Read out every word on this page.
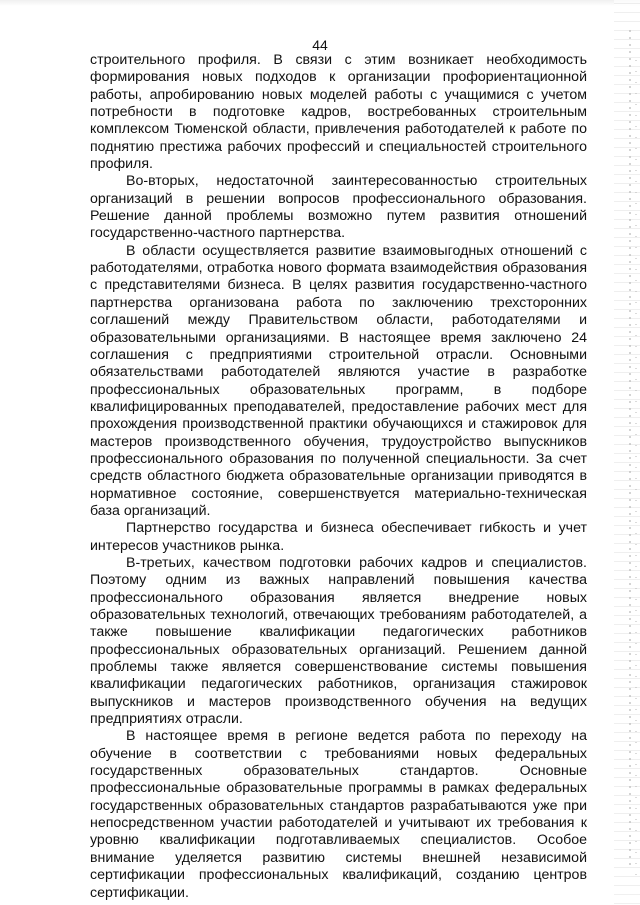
44

строительного профиля. В связи с этим возникает необходимость формирования новых подходов к организации профориентационной работы, апробированию новых моделей работы с учащимися с учетом потребности в подготовке кадров, востребованных строительным комплексом Тюменской области, привлечения работодателей к работе по поднятию престижа рабочих профессий и специальностей строительного профиля.

Во-вторых, недостаточной заинтересованностью строительных организаций в решении вопросов профессионального образования. Решение данной проблемы возможно путем развития отношений государственно-частного партнерства.

В области осуществляется развитие взаимовыгодных отношений с работодателями, отработка нового формата взаимодействия образования с представителями бизнеса. В целях развития государственно-частного партнерства организована работа по заключению трехсторонних соглашений между Правительством области, работодателями и образовательными организациями. В настоящее время заключено 24 соглашения с предприятиями строительной отрасли. Основными обязательствами работодателей являются участие в разработке профессиональных образовательных программ, в подборе квалифицированных преподавателей, предоставление рабочих мест для прохождения производственной практики обучающихся и стажировок для мастеров производственного обучения, трудоустройство выпускников профессионального образования по полученной специальности. За счет средств областного бюджета образовательные организации приводятся в нормативное состояние, совершенствуется материально-техническая база организаций.

Партнерство государства и бизнеса обеспечивает гибкость и учет интересов участников рынка.

В-третьих, качеством подготовки рабочих кадров и специалистов. Поэтому одним из важных направлений повышения качества профессионального образования является внедрение новых образовательных технологий, отвечающих требованиям работодателей, а также повышение квалификации педагогических работников профессиональных образовательных организаций. Решением данной проблемы также является совершенствование системы повышения квалификации педагогических работников, организация стажировок выпускников и мастеров производственного обучения на ведущих предприятиях отрасли.

В настоящее время в регионе ведется работа по переходу на обучение в соответствии с требованиями новых федеральных государственных образовательных стандартов. Основные профессиональные образовательные программы в рамках федеральных государственных образовательных стандартов разрабатываются уже при непосредственном участии работодателей и учитывают их требования к уровню квалификации подготавливаемых специалистов. Особое внимание уделяется развитию системы внешней независимой сертификации профессиональных квалификаций, созданию центров сертификации.
